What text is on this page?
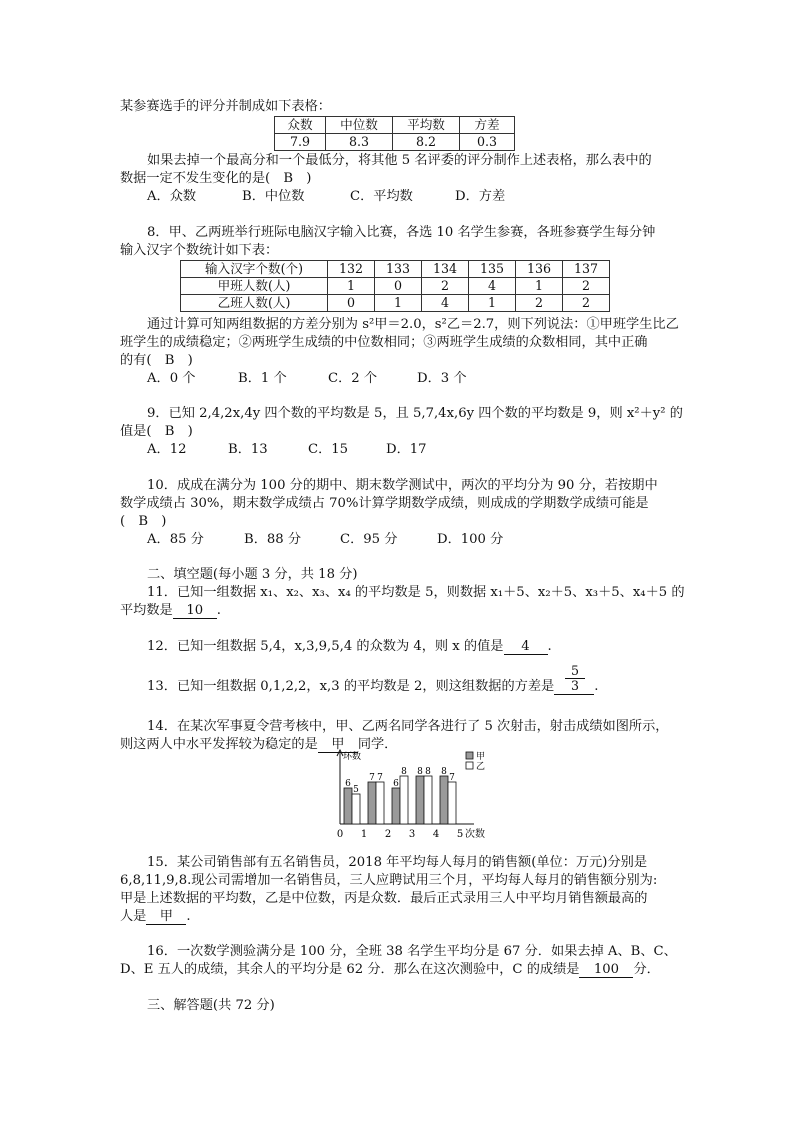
某参赛选手的评分并制成如下表格：
众数	中位数	平均数	方差
7.9	8.3	8.2	0.3
如果去掉一个最高分和一个最低分，将其他 5 名评委的评分制作上述表格，那么表中的
数据一定不发生变化的是(　B　)
A．众数	B．中位数	C．平均数	D．方差
8．甲、乙两班举行班际电脑汉字输入比赛，各选 10 名学生参赛，各班参赛学生每分钟
输入汉字个数统计如下表：
输入汉字个数(个)	132	133	134	135	136	137
甲班人数(人)	1	0	2	4	1	2
乙班人数(人)	0	1	4	1	2	2
通过计算可知两组数据的方差分别为 s²甲＝2.0，s²乙＝2.7，则下列说法：①甲班学生比乙
班学生的成绩稳定；②两班学生成绩的中位数相同；③两班学生成绩的众数相同，其中正确
的有(　B　)
A．0 个	B．1 个	C．2 个	D．3 个
9．已知 2,4,2x,4y 四个数的平均数是 5，且 5,7,4x,6y 四个数的平均数是 9，则 x²＋y² 的
值是(　B　)
A．12	B．13	C．15	D．17
10．成成在满分为 100 分的期中、期末数学测试中，两次的平均分为 90 分，若按期中
数学成绩占 30%，期末数学成绩占 70%计算学期数学成绩，则成成的学期数学成绩可能是
(　B　)
A．85 分	B．88 分	C．95 分	D．100 分
二、填空题(每小题 3 分，共 18 分)
11．已知一组数据 x₁、x₂、x₃、x₄ 的平均数是 5，则数据 x₁＋5、x₂＋5、x₃＋5、x₄＋5 的
平均数是 10 .
12．已知一组数据 5,4，x,3,9,5,4 的众数为 4，则 x 的值是 4 .
13．已知一组数据 0,1,2,2，x,3 的平均数是 2，则这组数据的方差是	.
$\frac{5}{3}$
14．在某次军事夏令营考核中，甲、乙两名同学各进行了 5 次射击，射击成绩如图所示，
则这两人中水平发挥较为稳定的是 甲 同学．
环数
0 1 2 3 4 5 次数
6
5
7 7
6
8 8 8 8
7
甲
乙
15．某公司销售部有五名销售员，2018 年平均每人每月的销售额(单位：万元)分别是
6,8,11,9,8.现公司需增加一名销售员，三人应聘试用三个月，平均每人每月的销售额分别为:
甲是上述数据的平均数，乙是中位数，丙是众数．最后正式录用三人中平均月销售额最高的
人是 甲 .
16．一次数学测验满分是 100 分，全班 38 名学生平均分是 67 分．如果去掉 A、B、C、
D、E 五人的成绩，其余人的平均分是 62 分．那么在这次测验中，C 的成绩是 100 分．
三、解答题(共 72 分)
